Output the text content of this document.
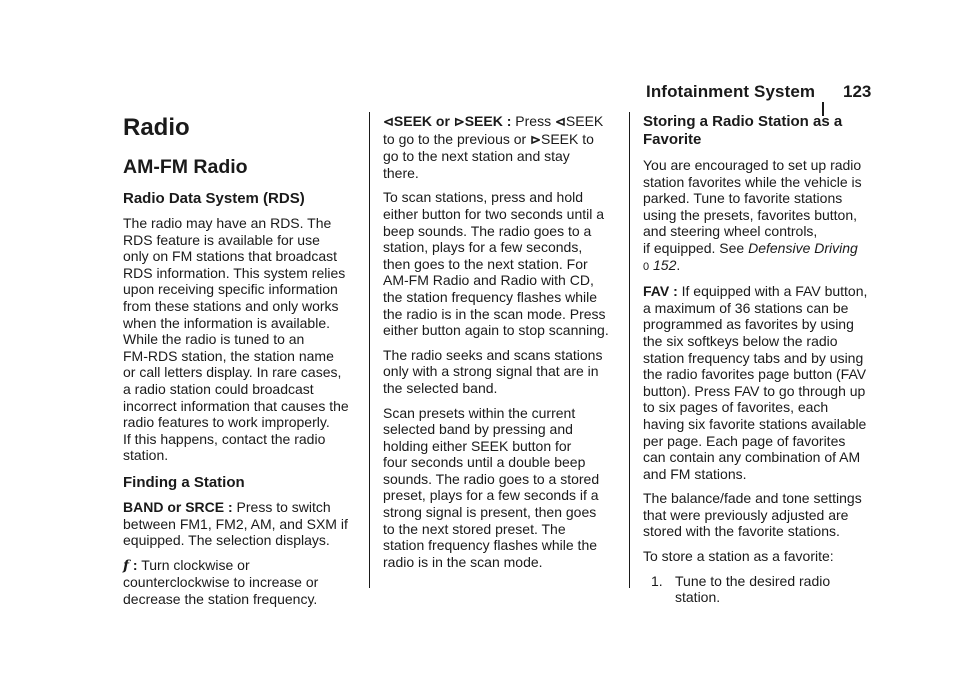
Infotainment System 123
Radio
AM-FM Radio
Radio Data System (RDS)

The radio may have an RDS. The
RDS feature is available for use
only on FM stations that broadcast
RDS information. This system relies
upon receiving specific information
from these stations and only works
when the information is available.
While the radio is tuned to an
FM-RDS station, the station name
or call letters display. In rare cases,
a radio station could broadcast
incorrect information that causes the
radio features to work improperly.
If this happens, contact the radio
station.

Finding a Station

BAND or SRCE : Press to switch
between FM1, FM2, AM, and SXM if
equipped. The selection displays.

f : Turn clockwise or
counterclockwise to increase or
decrease the station frequency.

⊲SEEK or ⊳SEEK : Press ⊲SEEK
to go to the previous or ⊳SEEK to
go to the next station and stay
there.

To scan stations, press and hold
either button for two seconds until a
beep sounds. The radio goes to a
station, plays for a few seconds,
then goes to the next station. For
AM-FM Radio and Radio with CD,
the station frequency flashes while
the radio is in the scan mode. Press
either button again to stop scanning.

The radio seeks and scans stations
only with a strong signal that are in
the selected band.

Scan presets within the current
selected band by pressing and
holding either SEEK button for
four seconds until a double beep
sounds. The radio goes to a stored
preset, plays for a few seconds if a
strong signal is present, then goes
to the next stored preset. The
station frequency flashes while the
radio is in the scan mode.

Storing a Radio Station as a
Favorite

You are encouraged to set up radio
station favorites while the vehicle is
parked. Tune to favorite stations
using the presets, favorites button,
and steering wheel controls,
if equipped. See Defensive Driving
0 152.

FAV : If equipped with a FAV button,
a maximum of 36 stations can be
programmed as favorites by using
the six softkeys below the radio
station frequency tabs and by using
the radio favorites page button (FAV
button). Press FAV to go through up
to six pages of favorites, each
having six favorite stations available
per page. Each page of favorites
can contain any combination of AM
and FM stations.

The balance/fade and tone settings
that were previously adjusted are
stored with the favorite stations.

To store a station as a favorite:

1. Tune to the desired radio
station.
